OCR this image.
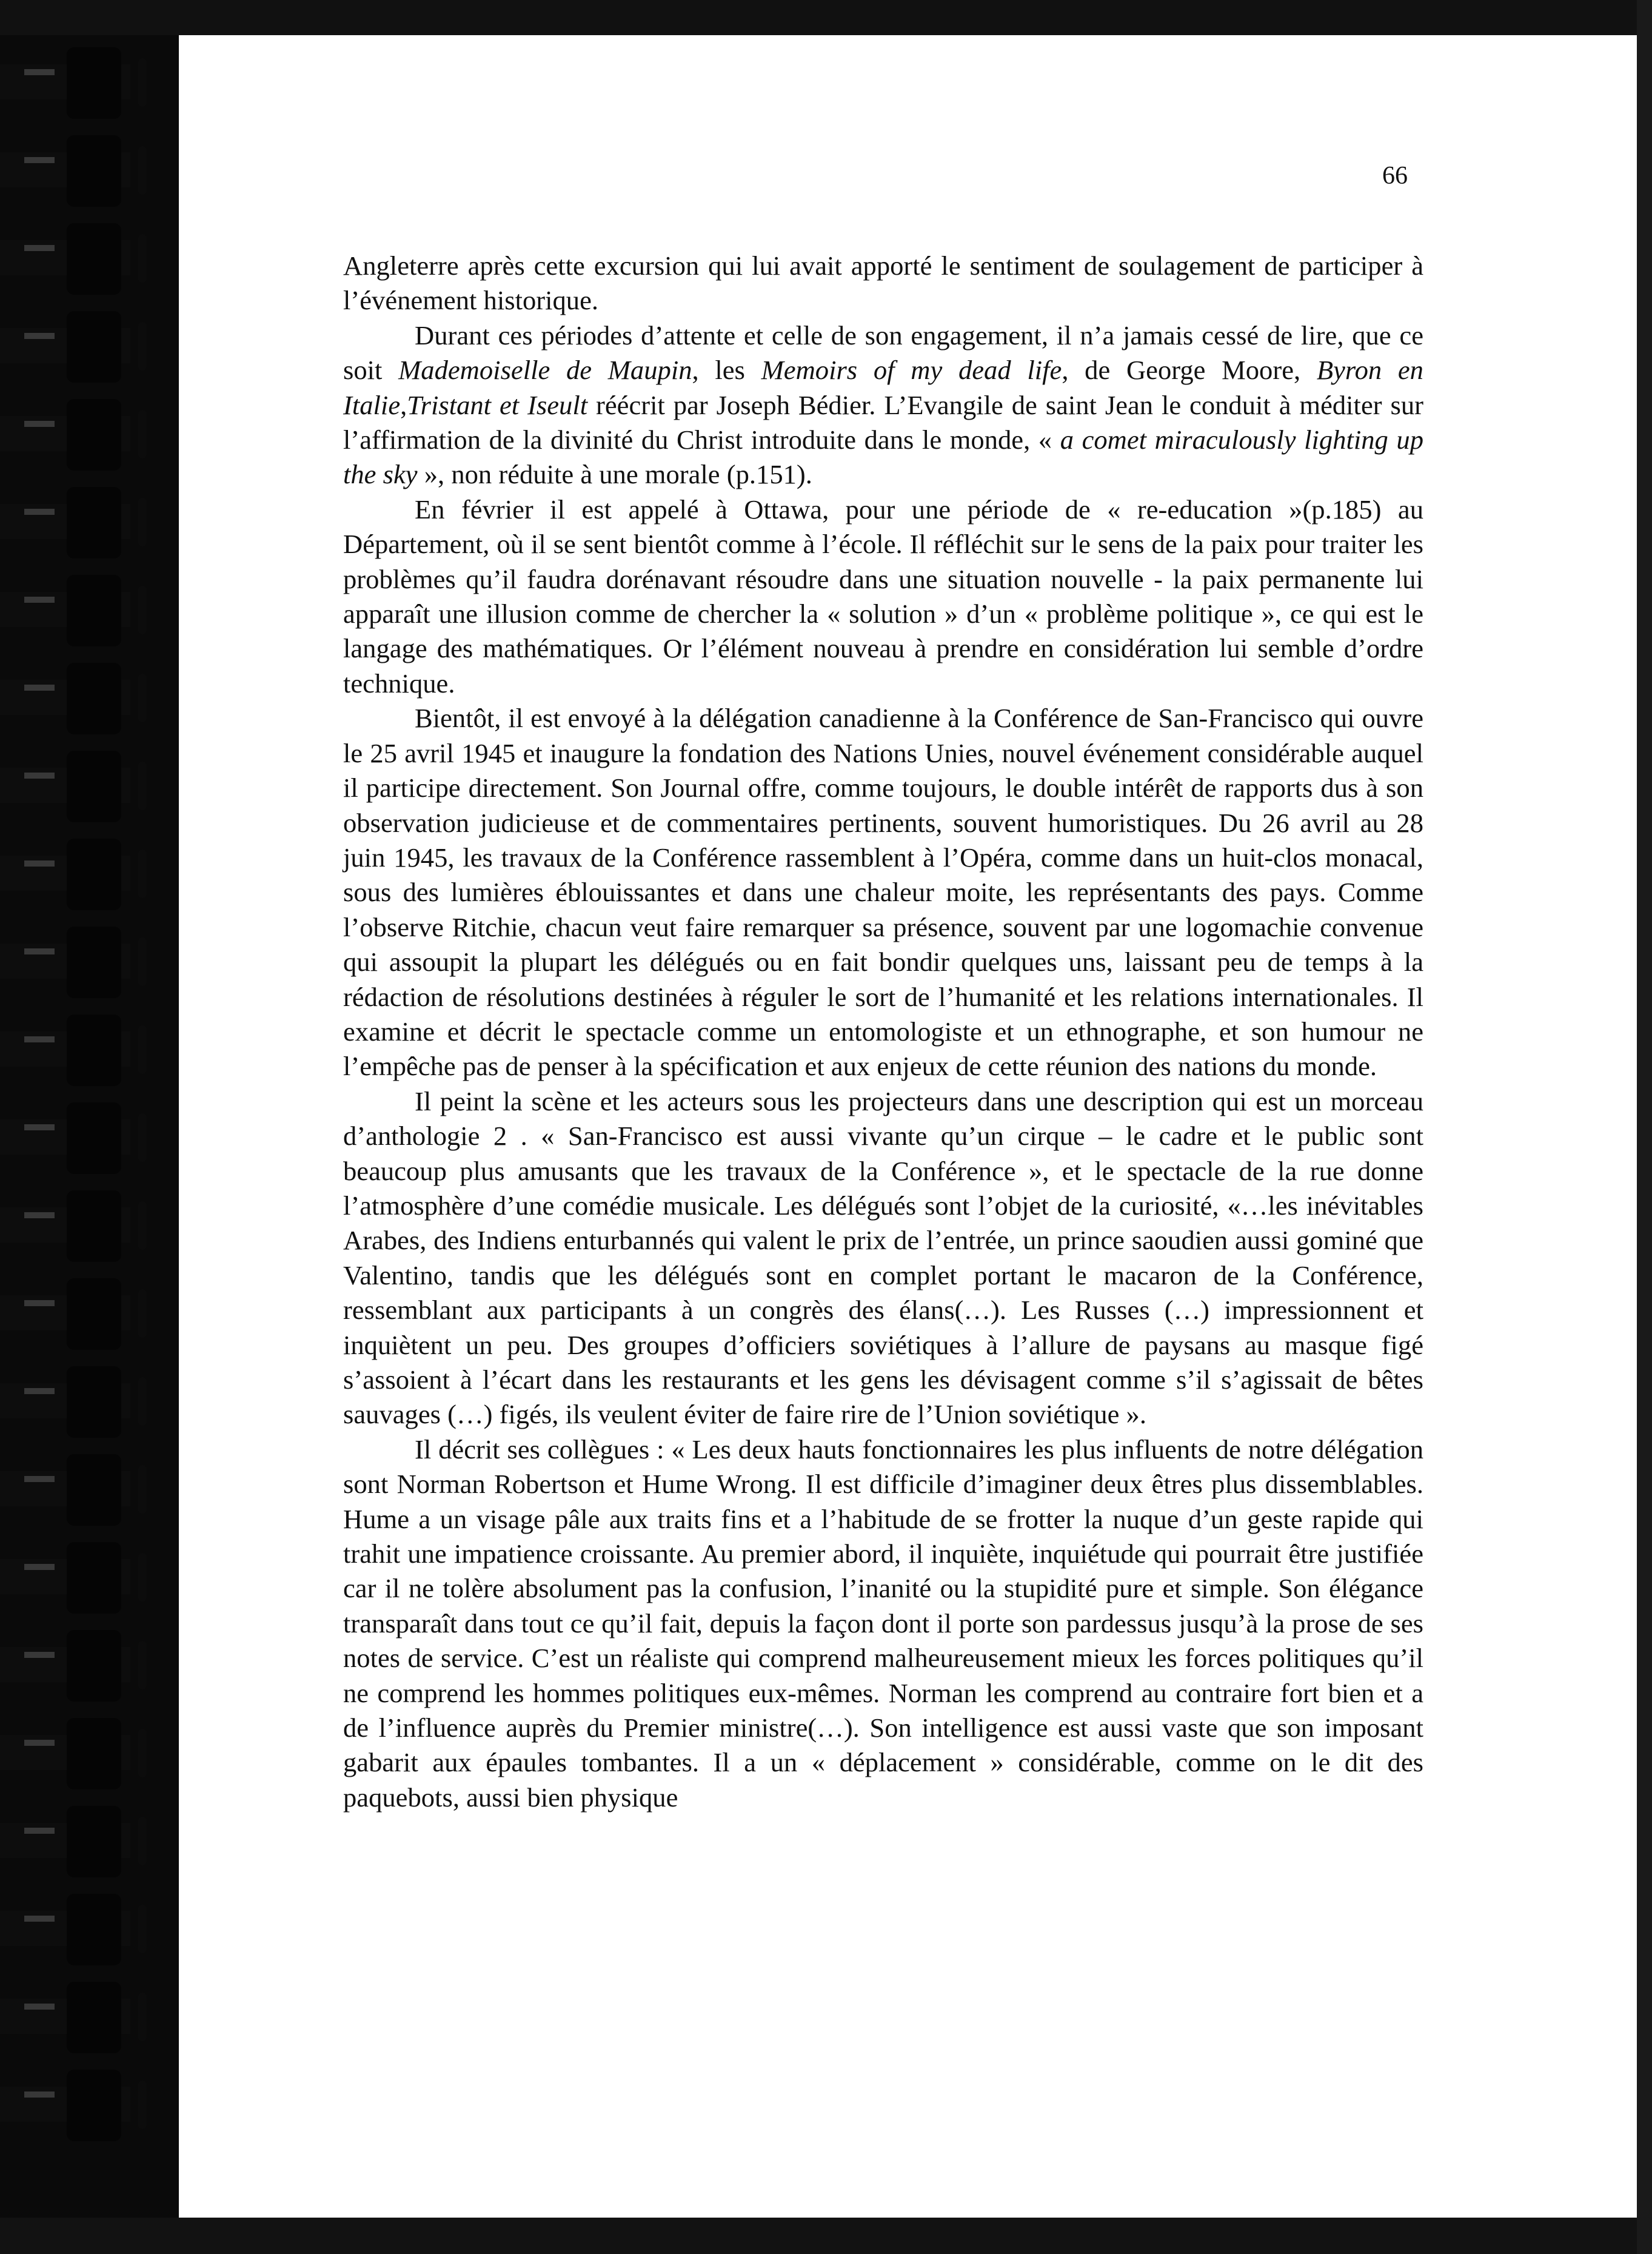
66

Angleterre après cette excursion qui lui avait apporté le sentiment de soulagement de participer à l’événement historique.

Durant ces périodes d’attente et celle de son engagement, il n’a jamais cessé de lire, que ce soit Mademoiselle de Maupin, les Memoirs of my dead life, de George Moore, Byron en Italie,Tristant et Iseult réécrit par Joseph Bédier. L’Evangile de saint Jean le conduit à méditer sur l’affirmation de la divinité du Christ introduite dans le monde, « a comet miraculously lighting up the sky », non réduite à une morale (p.151).

En février il est appelé à Ottawa, pour une période de « re-education »(p.185) au Département, où il se sent bientôt comme à l’école. Il réfléchit sur le sens de la paix pour traiter les problèmes qu’il faudra dorénavant résoudre dans une situation nouvelle - la paix permanente lui apparaît une illusion comme de chercher la « solution » d’un « problème politique », ce qui est le langage des mathématiques. Or l’élément nouveau à prendre en considération lui semble d’ordre technique.

Bientôt, il est envoyé à la délégation canadienne à la Conférence de San-Francisco qui ouvre le 25 avril 1945 et inaugure la fondation des Nations Unies, nouvel événement considérable auquel il participe directement. Son Journal offre, comme toujours, le double intérêt de rapports dus à son observation judicieuse et de commentaires pertinents, souvent humoristiques. Du 26 avril au 28 juin 1945, les travaux de la Conférence rassemblent à l’Opéra, comme dans un huit-clos monacal, sous des lumières éblouissantes et dans une chaleur moite, les représentants des pays. Comme l’observe Ritchie, chacun veut faire remarquer sa présence, souvent par une logomachie convenue qui assoupit la plupart les délégués ou en fait bondir quelques uns, laissant peu de temps à la rédaction de résolutions destinées à réguler le sort de l’humanité et les relations internationales. Il examine et décrit le spectacle comme un entomologiste et un ethnographe, et son humour ne l’empêche pas de penser à la spécification et aux enjeux de cette réunion des nations du monde.

Il peint la scène et les acteurs sous les projecteurs dans une description qui est un morceau d’anthologie 2 . « San-Francisco est aussi vivante qu’un cirque – le cadre et le public sont beaucoup plus amusants que les travaux de la Conférence », et le spectacle de la rue donne l’atmosphère d’une comédie musicale. Les délégués sont l’objet de la curiosité, «…les inévitables Arabes, des Indiens enturbannés qui valent le prix de l’entrée, un prince saoudien aussi gominé que Valentino, tandis que les délégués sont en complet portant le macaron de la Conférence, ressemblant aux participants à un congrès des élans(…). Les Russes (…) impressionnent et inquiètent un peu. Des groupes d’officiers soviétiques à l’allure de paysans au masque figé s’assoient à l’écart dans les restaurants et les gens les dévisagent comme s’il s’agissait de bêtes sauvages (…) figés, ils veulent éviter de faire rire de l’Union soviétique ».

Il décrit ses collègues : « Les deux hauts fonctionnaires les plus influents de notre délégation sont Norman Robertson et Hume Wrong. Il est difficile d’imaginer deux êtres plus dissemblables. Hume a un visage pâle aux traits fins et a l’habitude de se frotter la nuque d’un geste rapide qui trahit une impatience croissante. Au premier abord, il inquiète, inquiétude qui pourrait être justifiée car il ne tolère absolument pas la confusion, l’inanité ou la stupidité pure et simple. Son élégance transparaît dans tout ce qu’il fait, depuis la façon dont il porte son pardessus jusqu’à la prose de ses notes de service. C’est un réaliste qui comprend malheureusement mieux les forces politiques qu’il ne comprend les hommes politiques eux-mêmes. Norman les comprend au contraire fort bien et a de l’influence auprès du Premier ministre(…). Son intelligence est aussi vaste que son imposant gabarit aux épaules tombantes. Il a un « déplacement » considérable, comme on le dit des paquebots, aussi bien physique
